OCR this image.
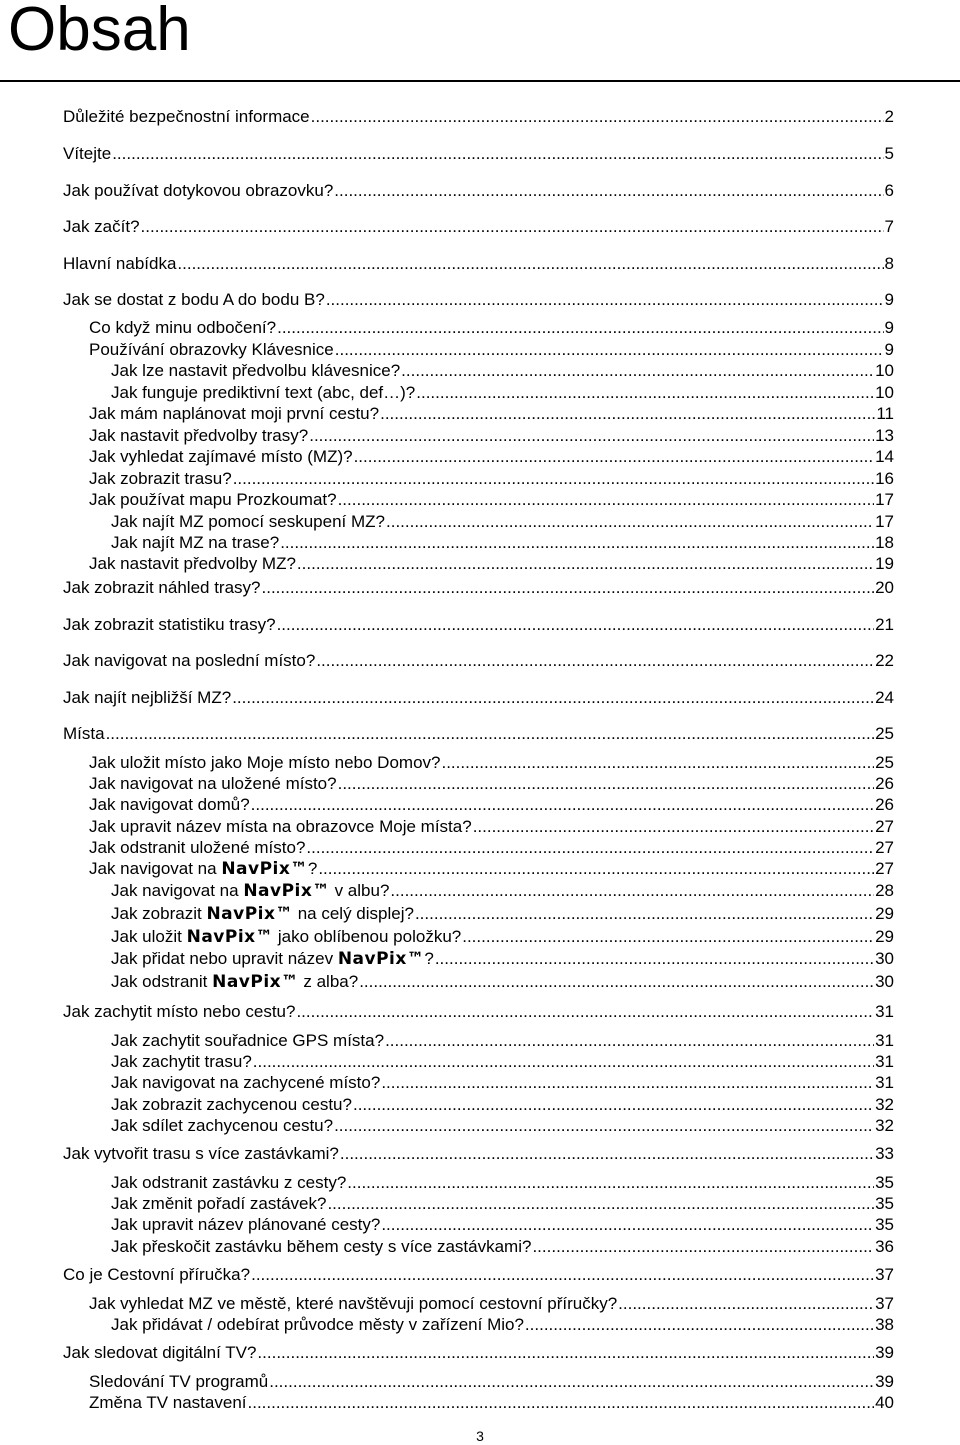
Obsah
Důležité bezpečnostní informace .....	2
Vítejte .....	5
Jak používat dotykovou obrazovku? .....	6
Jak začít? .....	7
Hlavní nabídka .....	8
Jak se dostat z bodu A do bodu B? .....	9
Co když minu odbočení? .....	9
Používání obrazovky Klávesnice .....	9
Jak lze nastavit předvolbu klávesnice? .....	10
Jak funguje prediktivní text (abc, def…)? .....	10
Jak mám naplánovat moji první cestu? .....	11
Jak nastavit předvolby trasy? .....	13
Jak vyhledat zajímavé místo (MZ)? .....	14
Jak zobrazit trasu? .....	16
Jak používat mapu Prozkoumat? .....	17
Jak najít MZ pomocí seskupení MZ? .....	17
Jak najít MZ na trase? .....	18
Jak nastavit předvolby MZ? .....	19
Jak zobrazit náhled trasy? .....	20
Jak zobrazit statistiku trasy? .....	21
Jak navigovat na poslední místo? .....	22
Jak najít nejbližší MZ? .....	24
Místa .....	25
Jak uložit místo jako Moje místo nebo Domov? .....	25
Jak navigovat na uložené místo? .....	26
Jak navigovat domů? .....	26
Jak upravit název místa na obrazovce Moje místa? .....	27
Jak odstranit uložené místo? .....	27
Jak navigovat na NavPix™? .....	27
Jak navigovat na NavPix™ v albu? .....	28
Jak zobrazit NavPix™ na celý displej? .....	29
Jak uložit NavPix™ jako oblíbenou položku? .....	29
Jak přidat nebo upravit název NavPix™? .....	30
Jak odstranit NavPix™ z alba? .....	30
Jak zachytit místo nebo cestu? .....	31
Jak zachytit souřadnice GPS místa? .....	31
Jak zachytit trasu? .....	31
Jak navigovat na zachycené místo? .....	31
Jak zobrazit zachycenou cestu? .....	32
Jak sdílet zachycenou cestu? .....	32
Jak vytvořit trasu s více zastávkami? .....	33
Jak odstranit zastávku z cesty? .....	35
Jak změnit pořadí zastávek? .....	35
Jak upravit název plánované cesty? .....	35
Jak přeskočit zastávku během cesty s více zastávkami? .....	36
Co je Cestovní příručka? .....	37
Jak vyhledat MZ ve městě, které navštěvuji pomocí cestovní příručky? .....	37
Jak přidávat / odebírat průvodce městy v zařízení Mio? .....	38
Jak sledovat digitální TV? .....	39
Sledování TV programů .....	39
Změna TV nastavení .....	40
3
